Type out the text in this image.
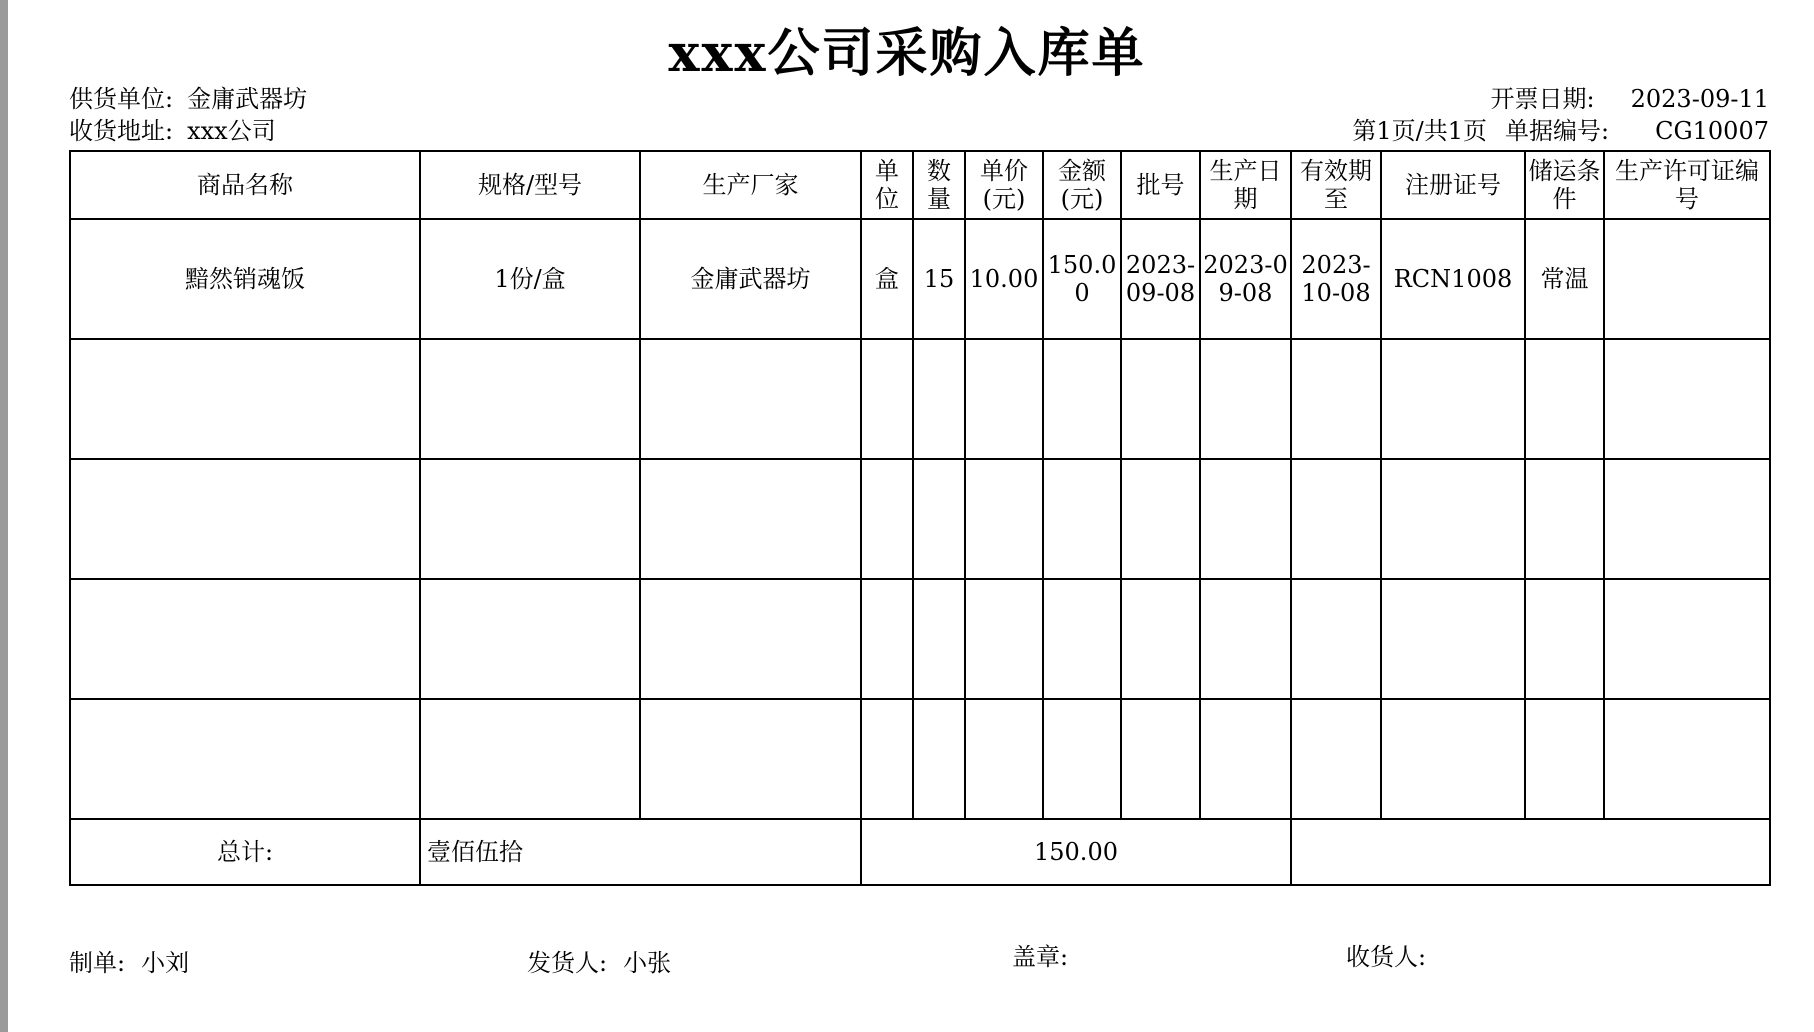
xxx公司采购入库单
供货单位: 金庸武器坊
收货地址: xxx公司
开票日期: 2023-09-11
第1页/共1页 单据编号: CG10007
商品名称	规格/型号	生产厂家	单位	数量	单价(元)	金额(元)	批号	生产日期	有效期至	注册证号	储运条件	生产许可证编号
黯然销魂饭	1份/盒	金庸武器坊	盒	15	10.00	150.00	2023-09-08	2023-09-08	2023-10-08	RCN1008	常温	

总计:	壹佰伍拾		150.00									
制单: 小刘	发货人: 小张	盖章:	收货人:
